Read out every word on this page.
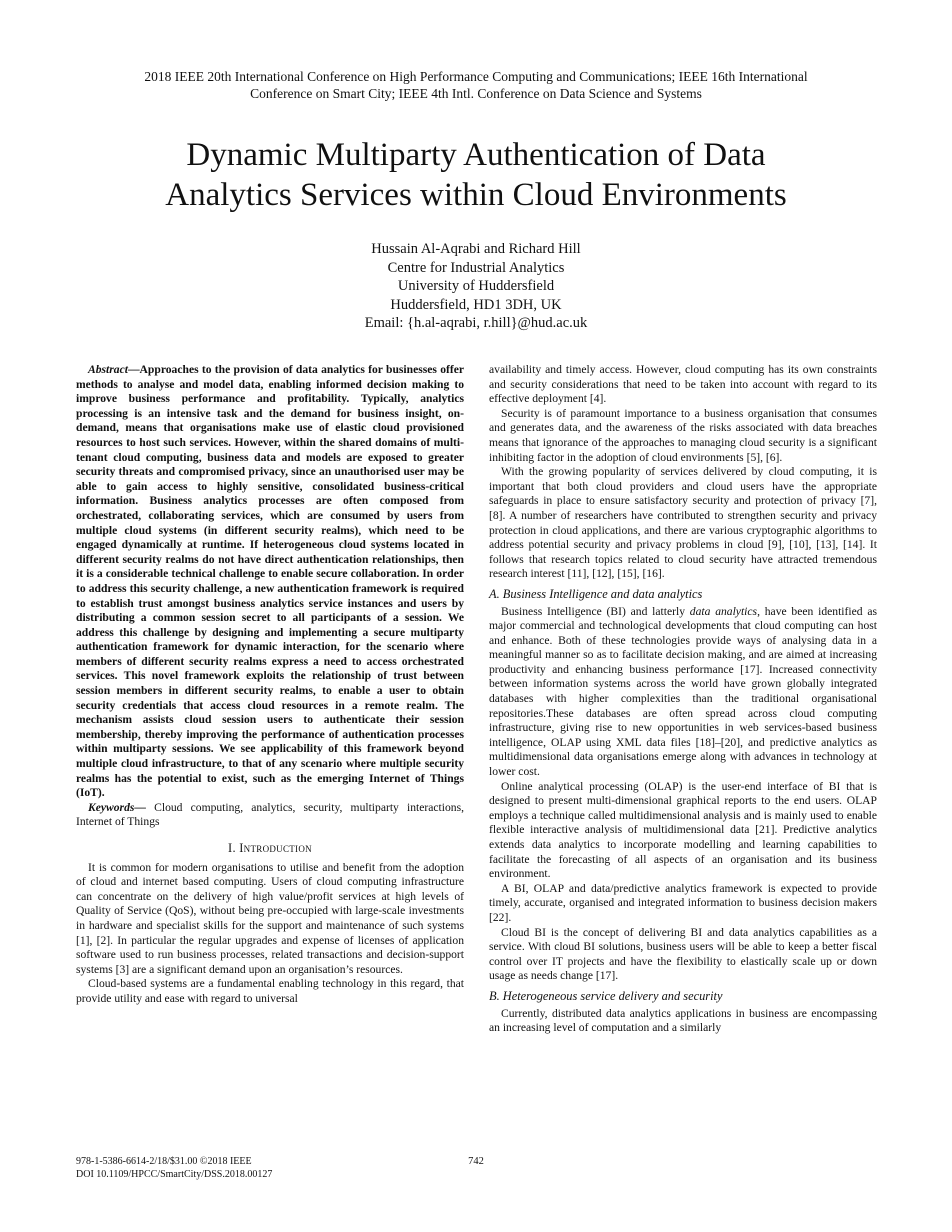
2018 IEEE 20th International Conference on High Performance Computing and Communications; IEEE 16th International
Conference on Smart City; IEEE 4th Intl. Conference on Data Science and Systems
Dynamic Multiparty Authentication of Data
Analytics Services within Cloud Environments
Hussain Al-Aqrabi and Richard Hill
Centre for Industrial Analytics
University of Huddersfield
Huddersfield, HD1 3DH, UK
Email: {h.al-aqrabi, r.hill}@hud.ac.uk

Abstract—Approaches to the provision of data analytics for businesses offer methods to analyse and model data, enabling informed decision making to improve business performance and profitability. Typically, analytics processing is an intensive task and the demand for business insight, on-demand, means that organisations make use of elastic cloud provisioned resources to host such services. However, within the shared domains of multi-tenant cloud computing, business data and models are exposed to greater security threats and compromised privacy, since an unauthorised user may be able to gain access to highly sensitive, consolidated business-critical information. Business analytics processes are often composed from orchestrated, collaborating services, which are consumed by users from multiple cloud systems (in different security realms), which need to be engaged dynamically at runtime. If heterogeneous cloud systems located in different security realms do not have direct authentication relationships, then it is a considerable technical challenge to enable secure collaboration. In order to address this security challenge, a new authentication framework is required to establish trust amongst business analytics service instances and users by distributing a common session secret to all participants of a session. We address this challenge by designing and implementing a secure multiparty authentication framework for dynamic interaction, for the scenario where members of different security realms express a need to access orchestrated services. This novel framework exploits the relationship of trust between session members in different security realms, to enable a user to obtain security credentials that access cloud resources in a remote realm. The mechanism assists cloud session users to authenticate their session membership, thereby improving the performance of authentication processes within multiparty sessions. We see applicability of this framework beyond multiple cloud infrastructure, to that of any scenario where multiple security realms has the potential to exist, such as the emerging Internet of Things (IoT).

Keywords— Cloud computing, analytics, security, multiparty interactions, Internet of Things

I. Introduction

It is common for modern organisations to utilise and benefit from the adoption of cloud and internet based computing. Users of cloud computing infrastructure can concentrate on the delivery of high value/profit services at high levels of Quality of Service (QoS), without being pre-occupied with large-scale investments in hardware and specialist skills for the support and maintenance of such systems [1], [2]. In particular the regular upgrades and expense of licenses of application software used to run business processes, related transactions and decision-support systems [3] are a significant demand upon an organisation’s resources.

Cloud-based systems are a fundamental enabling technology in this regard, that provide utility and ease with regard to universal

availability and timely access. However, cloud computing has its own constraints and security considerations that need to be taken into account with regard to its effective deployment [4].

Security is of paramount importance to a business organisation that consumes and generates data, and the awareness of the risks associated with data breaches means that ignorance of the approaches to managing cloud security is a significant inhibiting factor in the adoption of cloud environments [5], [6].

With the growing popularity of services delivered by cloud computing, it is important that both cloud providers and cloud users have the appropriate safeguards in place to ensure satisfactory security and protection of privacy [7], [8]. A number of researchers have contributed to strengthen security and privacy protection in cloud applications, and there are various cryptographic algorithms to address potential security and privacy problems in cloud [9], [10], [13], [14]. It follows that research topics related to cloud security have attracted tremendous research interest [11], [12], [15], [16].

A. Business Intelligence and data analytics

Business Intelligence (BI) and latterly data analytics, have been identified as major commercial and technological developments that cloud computing can host and enhance. Both of these technologies provide ways of analysing data in a meaningful manner so as to facilitate decision making, and are aimed at increasing productivity and enhancing business performance [17]. Increased connectivity between information systems across the world have grown globally integrated databases with higher complexities than the traditional organisational repositories.These databases are often spread across cloud computing infrastructure, giving rise to new opportunities in web services-based business intelligence, OLAP using XML data files [18]–[20], and predictive analytics as multidimensional data organisations emerge along with advances in technology at lower cost.

Online analytical processing (OLAP) is the user-end interface of BI that is designed to present multi-dimensional graphical reports to the end users. OLAP employs a technique called multidimensional analysis and is mainly used to enable flexible interactive analysis of multidimensional data [21]. Predictive analytics extends data analytics to incorporate modelling and learning capabilities to facilitate the forecasting of all aspects of an organisation and its business environment.

A BI, OLAP and data/predictive analytics framework is expected to provide timely, accurate, organised and integrated information to business decision makers [22].

Cloud BI is the concept of delivering BI and data analytics capabilities as a service. With cloud BI solutions, business users will be able to keep a better fiscal control over IT projects and have the flexibility to elastically scale up or down usage as needs change [17].

B. Heterogeneous service delivery and security

Currently, distributed data analytics applications in business are encompassing an increasing level of computation and a similarly

978-1-5386-6614-2/18/$31.00 ©2018 IEEE
DOI 10.1109/HPCC/SmartCity/DSS.2018.00127
742
